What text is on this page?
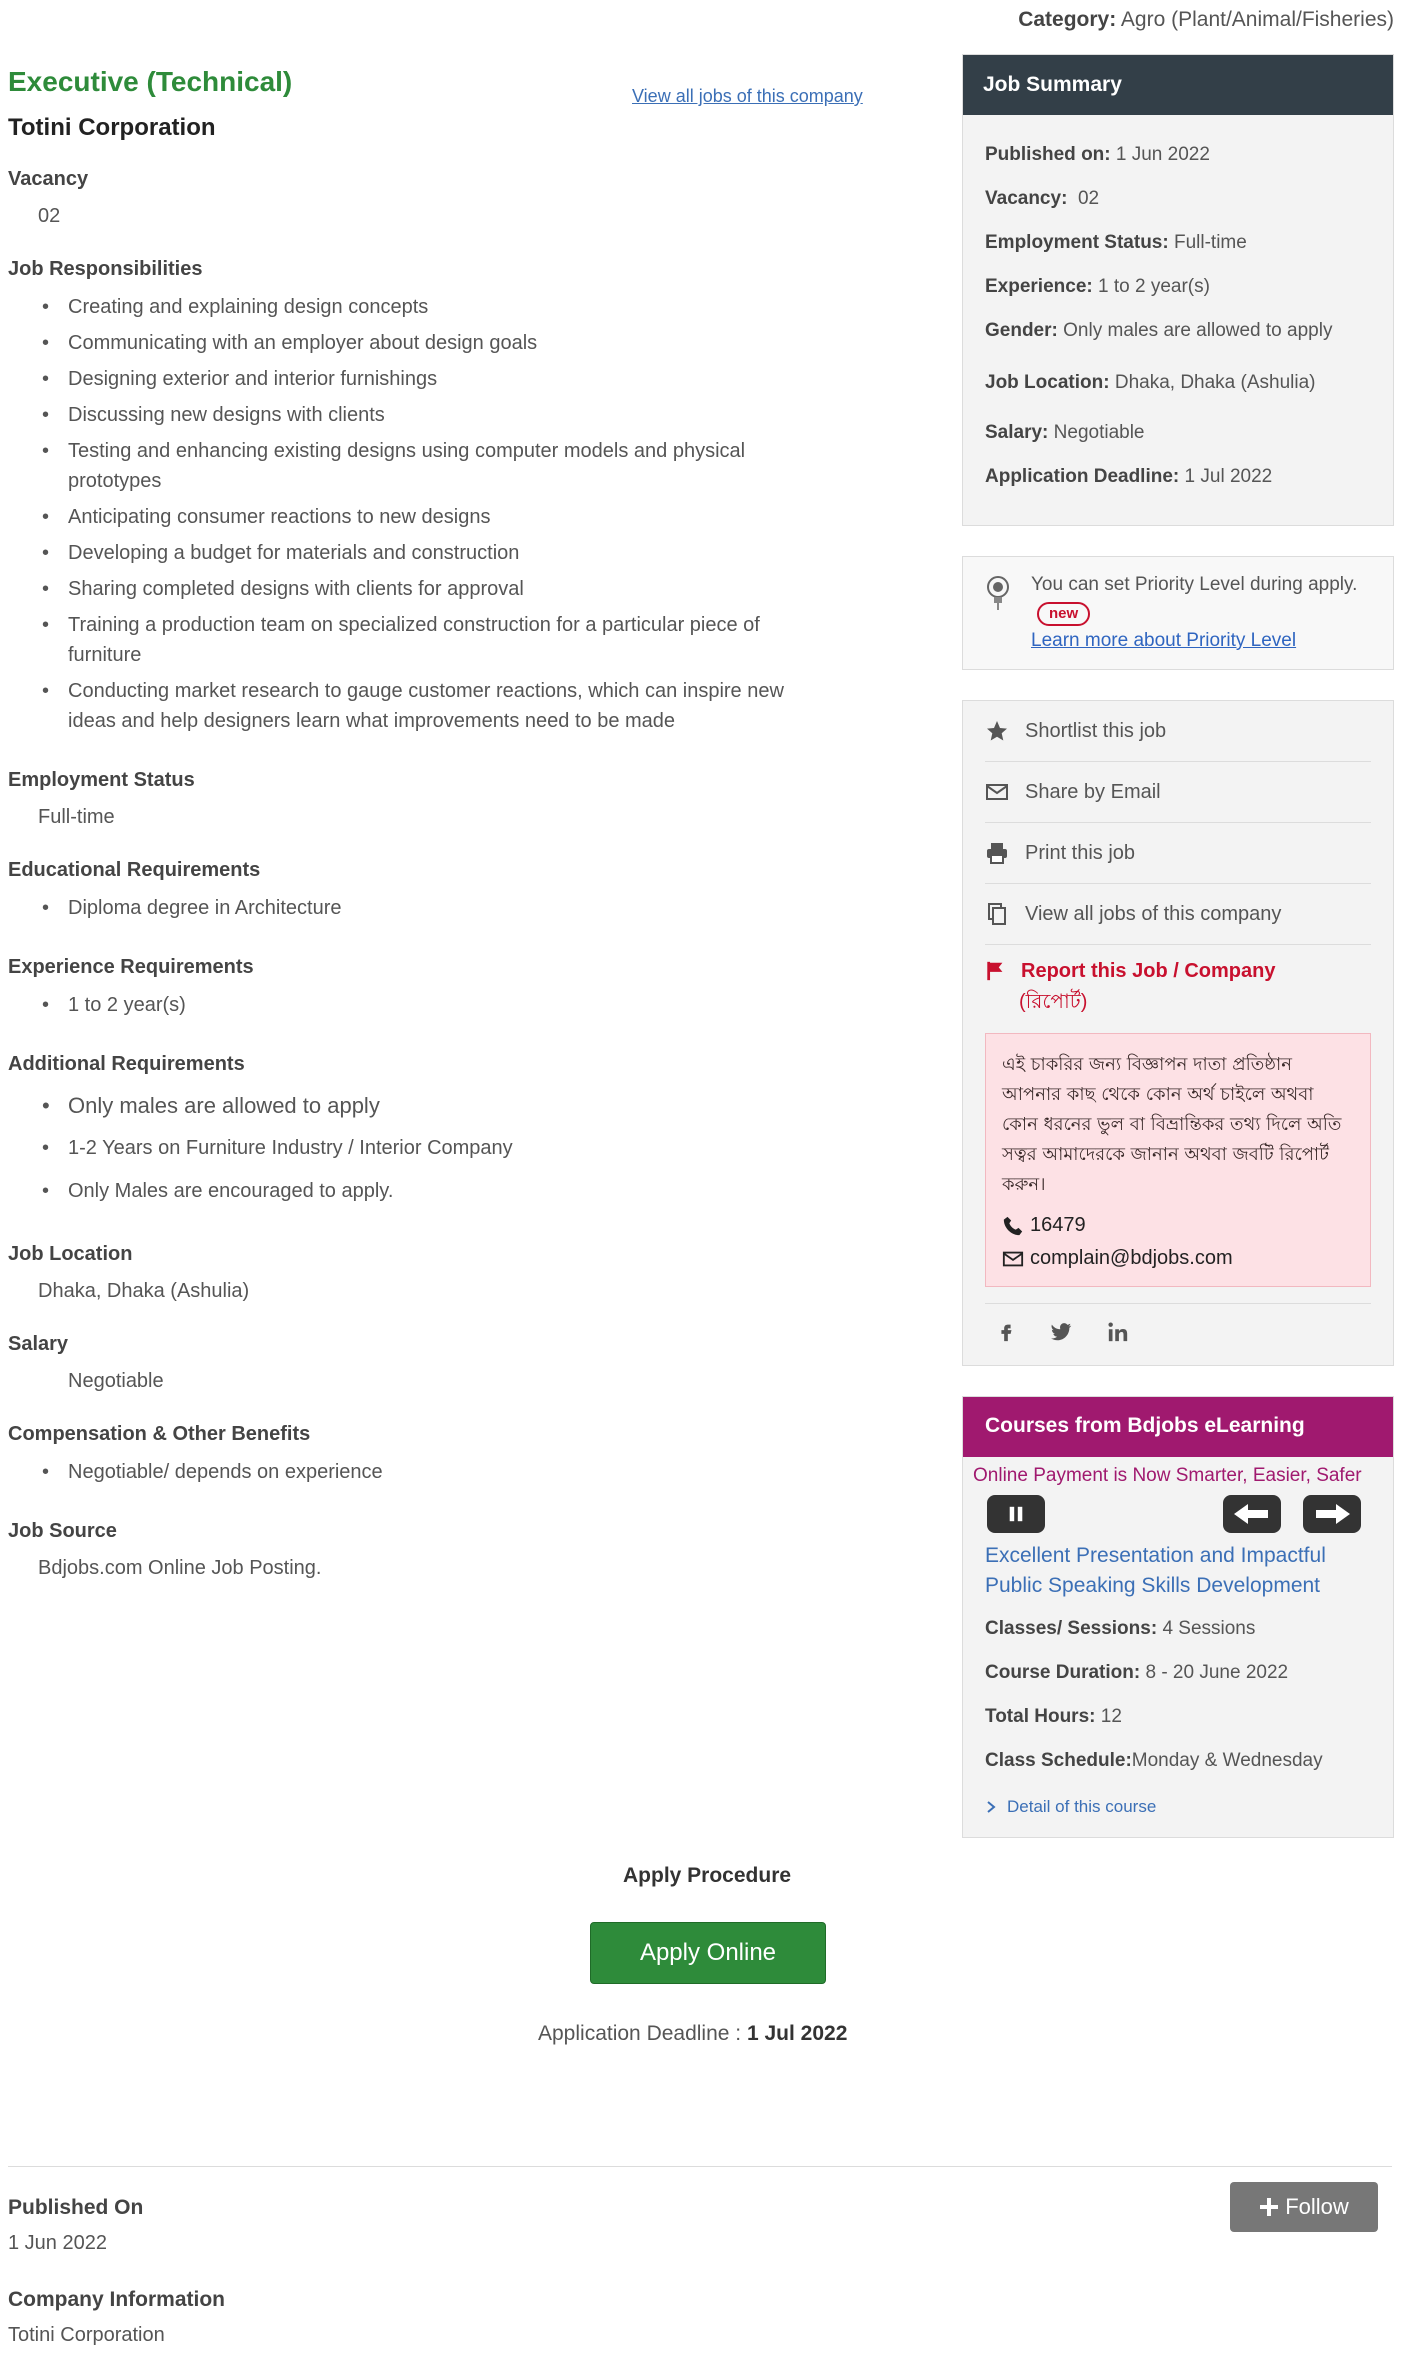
Category: Agro (Plant/Animal/Fisheries)
View all jobs of this company
Executive (Technical)
Totini Corporation
Vacancy
02
Job Responsibilities
• Creating and explaining design concepts
• Communicating with an employer about design goals
• Designing exterior and interior furnishings
• Discussing new designs with clients
• Testing and enhancing existing designs using computer models and physical
prototypes
• Anticipating consumer reactions to new designs
• Developing a budget for materials and construction
• Sharing completed designs with clients for approval
• Training a production team on specialized construction for a particular piece of
furniture
• Conducting market research to gauge customer reactions, which can inspire new
ideas and help designers learn what improvements need to be made
Employment Status
Full-time
Educational Requirements
• Diploma degree in Architecture
Experience Requirements
• 1 to 2 year(s)
Additional Requirements
• Only males are allowed to apply
• 1-2 Years on Furniture Industry / Interior Company
• Only Males are encouraged to apply.
Job Location
Dhaka, Dhaka (Ashulia)
Salary
Negotiable
Compensation & Other Benefits
• Negotiable/ depends on experience
Job Source
Bdjobs.com Online Job Posting.
Job Summary
Published on: 1 Jun 2022
Vacancy: 02
Employment Status: Full-time
Experience: 1 to 2 year(s)
Gender: Only males are allowed to apply
Job Location: Dhaka, Dhaka (Ashulia)
Salary: Negotiable
Application Deadline: 1 Jul 2022
You can set Priority Level during apply. new
Learn more about Priority Level
Shortlist this job
Share by Email
Print this job
View all jobs of this company
Report this Job / Company
(রিপোর্ট)
এই চাকরির জন্য বিজ্ঞাপন দাতা প্রতিষ্ঠান আপনার কাছ থেকে কোন অর্থ চাইলে অথবা কোন ধরনের ভুল বা বিভ্রান্তিকর তথ্য দিলে অতি সত্বর আমাদেরকে জানান অথবা জবটি রিপোর্ট করুন।
16479
complain@bdjobs.com
Courses from Bdjobs eLearning
Online Payment is Now Smarter, Easier, Safer
Excellent Presentation and Impactful Public Speaking Skills Development
Classes/ Sessions: 4 Sessions
Course Duration: 8 - 20 June 2022
Total Hours: 12
Class Schedule:Monday & Wednesday
Detail of this course
Apply Procedure
Apply Online
Application Deadline : 1 Jul 2022
Published On
1 Jun 2022
Follow
Company Information
Totini Corporation
